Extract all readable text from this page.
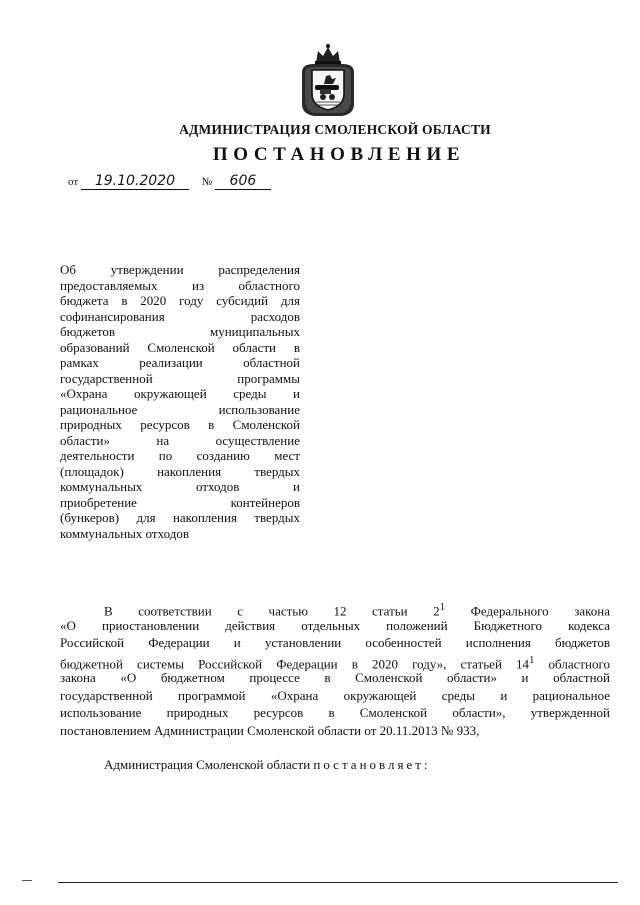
АДМИНИСТРАЦИЯ СМОЛЕНСКОЙ ОБЛАСТИ
ПОСТАНОВЛЕНИЕ
от 19.10.2020 № 606
Об утверждении распределения
предоставляемых из областного
бюджета в 2020 году субсидий для
софинансирования расходов
бюджетов муниципальных
образований Смоленской области в
рамках реализации областной
государственной программы
«Охрана окружающей среды и
рациональное использование
природных ресурсов в Смоленской
области» на осуществление
деятельности по созданию мест
(площадок) накопления твердых
коммунальных отходов и
приобретение контейнеров
(бункеров) для накопления твердых
коммунальных отходов
В соответствии с частью 12 статьи $2^1$ Федерального закона
«О приостановлении действия отдельных положений Бюджетного кодекса
Российской Федерации и установлении особенностей исполнения бюджетов
бюджетной системы Российской Федерации в 2020 году», статьей $14^1$ областного
закона «О бюджетном процессе в Смоленской области» и областной
государственной программой «Охрана окружающей среды и рациональное
использование природных ресурсов в Смоленской области», утвержденной
постановлением Администрации Смоленской области от 20.11.2013 № 933,
Администрация Смоленской области постановляет:
